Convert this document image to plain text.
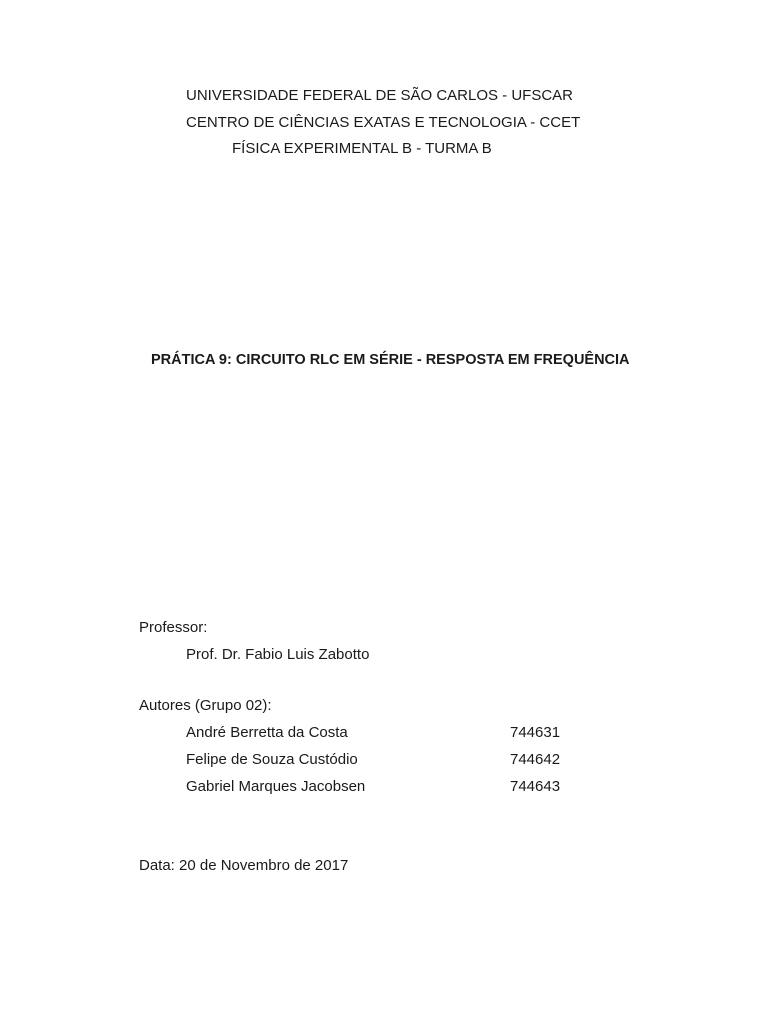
UNIVERSIDADE FEDERAL DE SÃO CARLOS - UFSCAR
CENTRO DE CIÊNCIAS EXATAS E TECNOLOGIA - CCET
FÍSICA EXPERIMENTAL B - TURMA B
PRÁTICA 9: CIRCUITO RLC EM SÉRIE - RESPOSTA EM FREQUÊNCIA
Professor:
Prof. Dr. Fabio Luis Zabotto
Autores (Grupo 02):
André Berretta da Costa	744631
Felipe de Souza Custódio	744642
Gabriel Marques Jacobsen	744643
Data: 20 de Novembro de 2017
